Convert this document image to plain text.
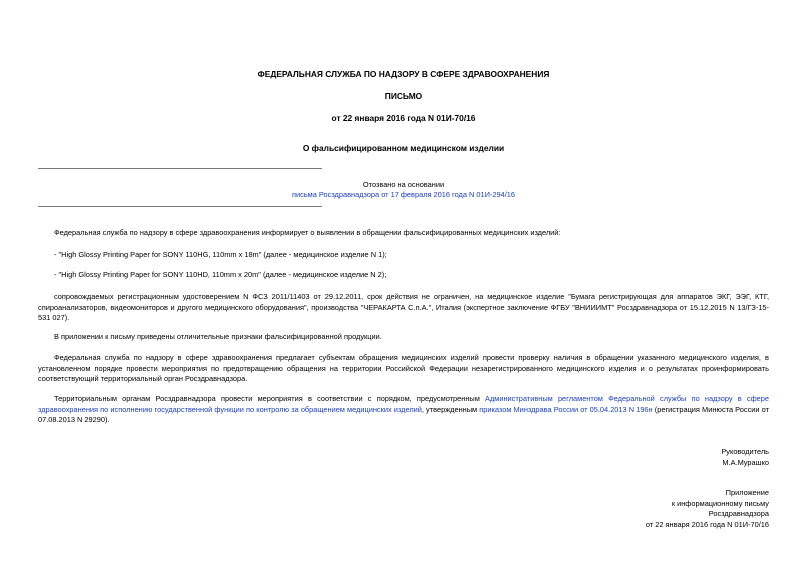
ФЕДЕРАЛЬНАЯ СЛУЖБА ПО НАДЗОРУ В СФЕРЕ ЗДРАВООХРАНЕНИЯ
ПИСЬМО
от 22 января 2016 года N 01И-70/16
О фальсифицированном медицинском изделии
Отозвано на основании
письма Росздравнадзора от 17 февраля 2016 года N 01И-294/16

Федеральная служба по надзору в сфере здравоохранения информирует о выявлении в обращении фальсифицированных медицинских изделий:

- "High Glossy Printing Paper for SONY 110HG, 110mm x 18m" (далее - медицинское изделие N 1);

- "High Glossy Printing Paper for SONY 110HD, 110mm x 20m" (далее - медицинское изделие N 2);

сопровождаемых регистрационным удостоверением N ФСЗ 2011/11403 от 29.12.2011, срок действия не ограничен, на медицинское изделие "Бумага регистрирующая для аппаратов ЭКГ, ЭЭГ, КТГ, спироанализаторов, видеомониторов и другого медицинского оборудования", производства "ЧЕРАКАРТА С.п.А.", Италия (экспертное заключение ФГБУ "ВНИИИМТ" Росздравнадзора от 15.12.2015 N 13/ГЗ-15-531 027).

В приложении к письму приведены отличительные признаки фальсифицированной продукции.

Федеральная служба по надзору в сфере здравоохранения предлагает субъектам обращения медицинских изделий провести проверку наличия в обращении указанного медицинского изделия, в установленном порядке провести мероприятия по предотвращению обращения на территории Российской Федерации незарегистрированного медицинского изделия и о результатах проинформировать соответствующий территориальный орган Росздравнадзора.

Территориальным органам Росздравнадзора провести мероприятия в соответствии с порядком, предусмотренным Административным регламентом Федеральной службы по надзору в сфере здравоохранения по исполнению государственной функции по контролю за обращением медицинских изделий, утвержденным приказом Минздрава России от 05.04.2013 N 196н (регистрация Минюста России от 07.08.2013 N 29290).

Руководитель
М.А.Мурашко
Приложение
к информационному письму
Росздравнадзора
от 22 января 2016 года N 01И-70/16
